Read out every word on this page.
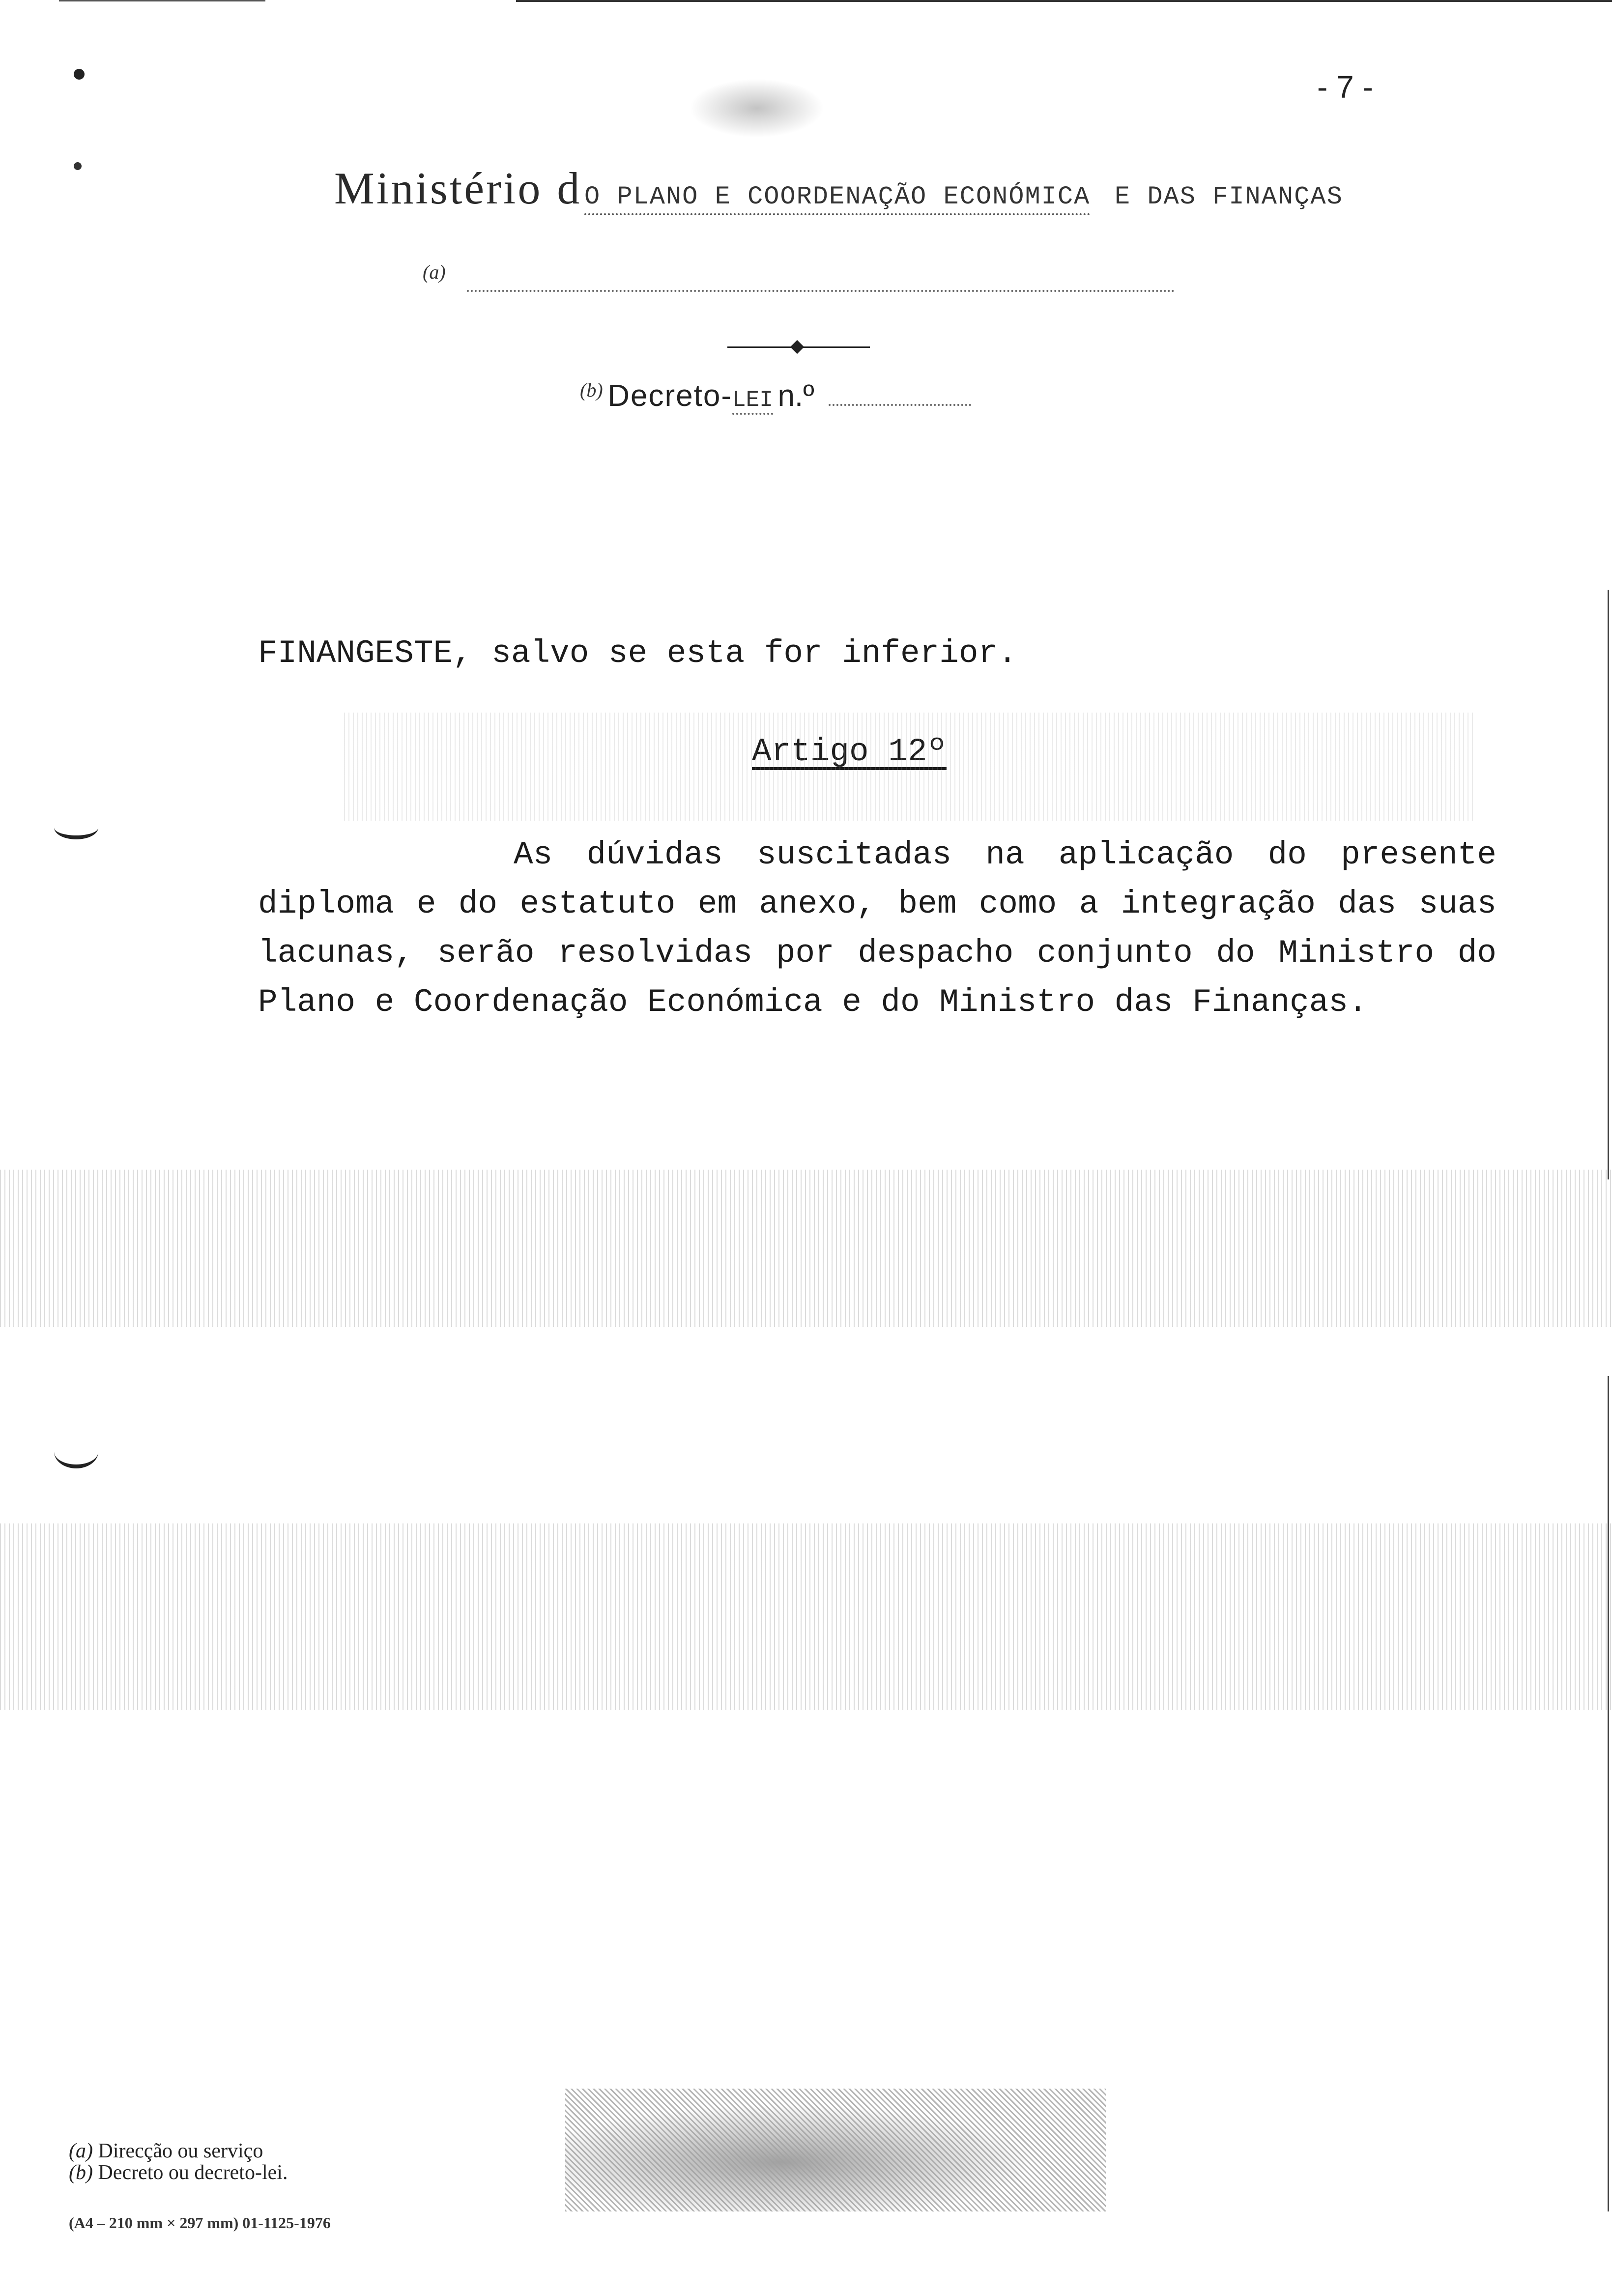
- 7 -
Ministério d O PLANO E COORDENAÇÃO ECONÓMICA E DAS FINANÇAS
(a)
(b) Decreto-LEI n.º
FINANGESTE, salvo se esta for inferior.
Artigo 12º
As dúvidas suscitadas na aplicação do presente diploma e do estatuto em anexo, bem como a integração das suas lacunas, serão resolvidas por despacho conjunto do Ministro do Plano e Coordenação Económica e do Ministro das Finanças.
(a) Direcção ou serviço
(b) Decreto ou decreto-lei.
(A4 – 210 mm × 297 mm) 01-1125-1976
